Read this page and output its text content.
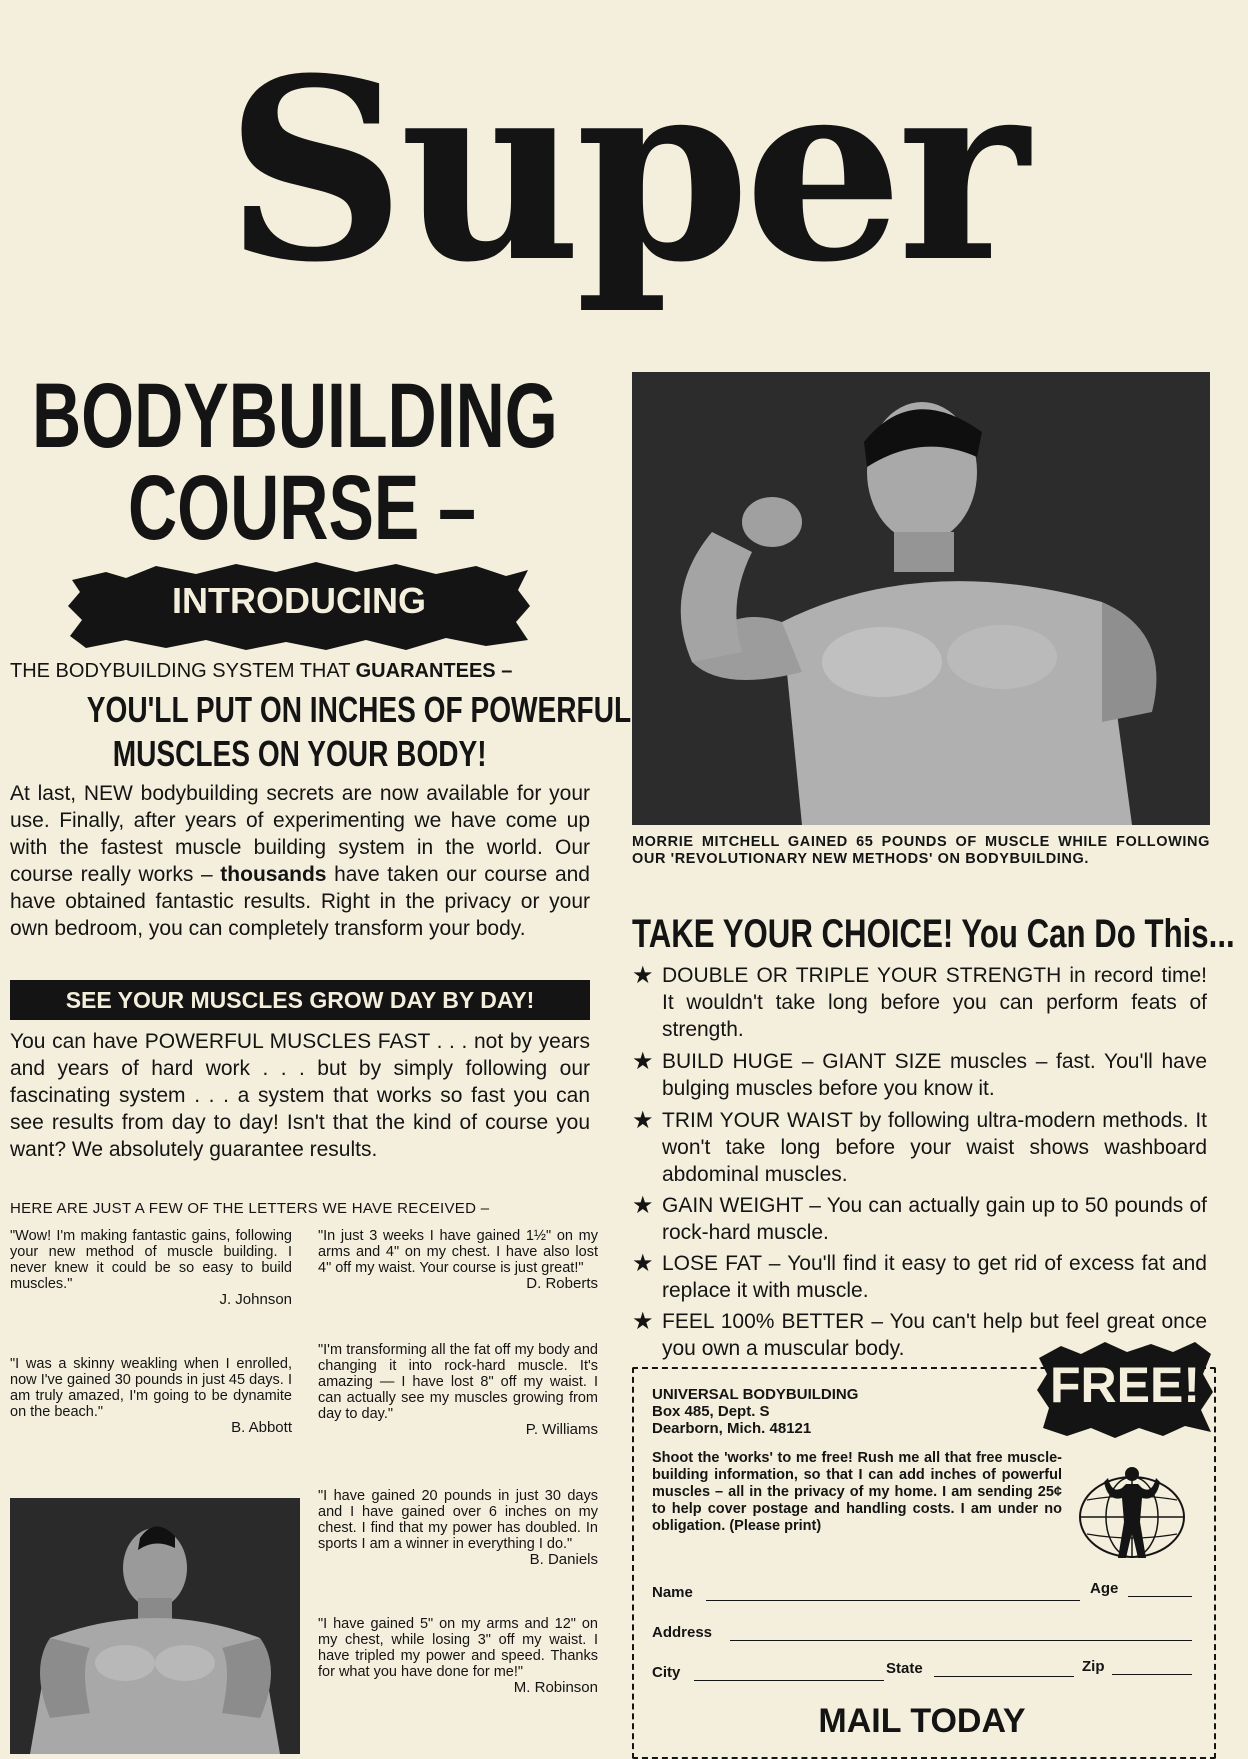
Super
BODYBUILDING
COURSE –
INTRODUCING
THE BODYBUILDING SYSTEM THAT GUARANTEES –
YOU'LL PUT ON INCHES OF POWERFUL
MUSCLES ON YOUR BODY!
At last, NEW bodybuilding secrets are now available for your use. Finally, after years of experimenting we have come up with the fastest muscle building system in the world. Our course really works – thousands have taken our course and have obtained fantastic results. Right in the privacy or your own bedroom, you can completely transform your body.
SEE YOUR MUSCLES GROW DAY BY DAY!
You can have POWERFUL MUSCLES FAST . . . not by years and years of hard work . . . but by simply following our fascinating system . . . a system that works so fast you can see results from day to day! Isn't that the kind of course you want? We absolutely guarantee results.
HERE ARE JUST A FEW OF THE LETTERS WE HAVE RECEIVED –
"Wow! I'm making fantastic gains, following your new method of muscle building. I never knew it could be so easy to build muscles."
J. Johnson
"I was a skinny weakling when I enrolled, now I've gained 30 pounds in just 45 days. I am truly amazed, I'm going to be dynamite on the beach."
B. Abbott
"In just 3 weeks I have gained 1½" on my arms and 4" on my chest. I have also lost 4" off my waist. Your course is just great!"
D. Roberts
"I'm transforming all the fat off my body and changing it into rock-hard muscle. It's amazing — I have lost 8" off my waist. I can actually see my muscles growing from day to day."
P. Williams
"I have gained 20 pounds in just 30 days and I have gained over 6 inches on my chest. I find that my power has doubled. In sports I am a winner in everything I do."
B. Daniels
"I have gained 5" on my arms and 12" on my chest, while losing 3" off my waist. I have tripled my power and speed. Thanks for what you have done for me!"
M. Robinson
MORRIE MITCHELL GAINED 65 POUNDS OF MUSCLE WHILE FOLLOWING OUR 'REVOLUTIONARY NEW METHODS' ON BODYBUILDING.
TAKE YOUR CHOICE! You Can Do This...
★ DOUBLE OR TRIPLE YOUR STRENGTH in record time! It wouldn't take long before you can perform feats of strength.
★ BUILD HUGE – GIANT SIZE muscles – fast. You'll have bulging muscles before you know it.
★ TRIM YOUR WAIST by following ultra-modern methods. It won't take long before your waist shows washboard abdominal muscles.
★ GAIN WEIGHT – You can actually gain up to 50 pounds of rock-hard muscle.
★ LOSE FAT – You'll find it easy to get rid of excess fat and replace it with muscle.
★ FEEL 100% BETTER – You can't help but feel great once you own a muscular body.
FREE!
UNIVERSAL BODYBUILDING
Box 485, Dept. S
Dearborn, Mich. 48121
Shoot the 'works' to me free! Rush me all that free muscle-building information, so that I can add inches of powerful muscles – all in the privacy of my home. I am sending 25¢ to help cover postage and handling costs. I am under no obligation. (Please print)
Name	Age
Address
City	State	Zip
MAIL TODAY
